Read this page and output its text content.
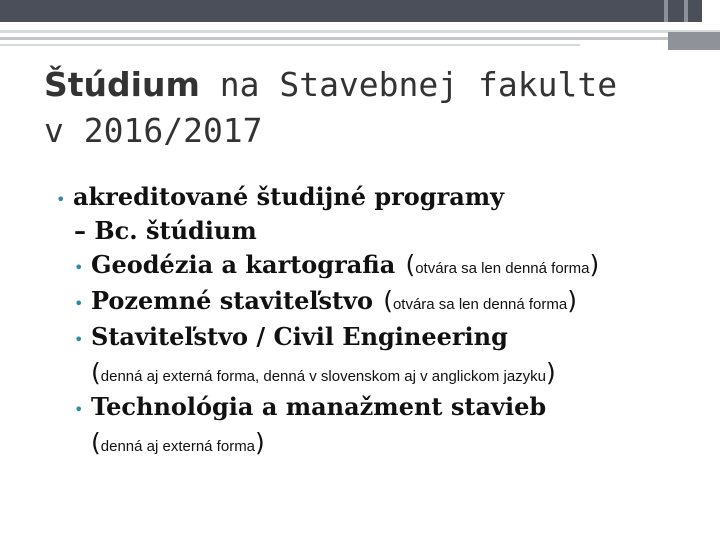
Štúdium na Stavebnej fakulte
v 2016/2017
• akreditované študijné programy
– Bc. štúdium
• Geodézia a kartografia (otvára sa len denná forma)
• Pozemné staviteľstvo (otvára sa len denná forma)
• Staviteľstvo / Civil Engineering
(denná aj externá forma, denná v slovenskom aj v anglickom jazyku)
• Technológia a manažment stavieb
(denná aj externá forma)
